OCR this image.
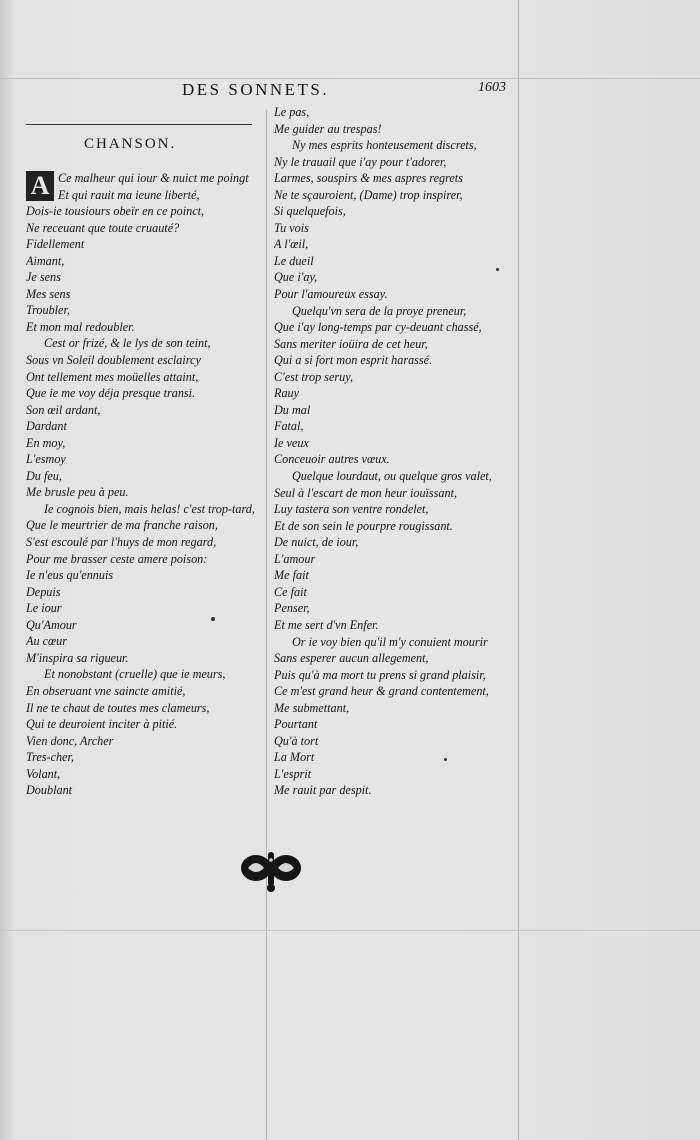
DES SONNETS.	1603
CHANSON.
Ce malheur qui iour & nuict me poingt
Et qui rauit ma ieune liberté,
Dois-ie tousiours obeïr en ce poinct,
Ne receuant que toute cruauté?
Fidellement
Aimant,
Je sens
Mes sens
Troubler,
Et mon mal redoubler.
Cest or frizé, & le lys de son teint,
Sous vn Soleil doublement esclaircy
Ont tellement mes moüelles attaint,
Que ie me voy déja presque transi.
Son œil ardant,
Dardant
En moy,
L'esmoy
Du feu,
Me brusle peu à peu.
Ie cognois bien, mais helas! c'est trop-tard,
Que le meurtrier de ma franche raison,
S'est escoulé par l'huys de mon regard,
Pour me brasser ceste amere poison:
Ie n'eus qu'ennuis
Depuis
Le iour
Qu'Amour
Au cœur
M'inspira sa rigueur.
Et nonobstant (cruelle) que ie meurs,
En obseruant vne saincte amitié,
Il ne te chaut de toutes mes clameurs,
Qui te deuroient inciter à pitié.
Vien donc, Archer
Tres-cher,
Volant,
Doublant
A
Le pas,
Me guider au trespas!
Ny mes esprits honteusement discrets,
Ny le trauail que i'ay pour t'adorer,
Larmes, souspirs & mes aspres regrets
Ne te sçauroient, (Dame) trop inspirer,
Si quelquefois,
Tu vois
A l'œil,
Le dueil
Que i'ay,
Pour l'amoureux essay.
Quelqu'vn sera de la proye preneur,
Que i'ay long-temps par cy-deuant chassé,
Sans meriter ioüira de cet heur,
Qui a si fort mon esprit harassé.
C'est trop seruy,
Rauy
Du mal
Fatal,
Ie veux
Conceuoir autres vœux.
Quelque lourdaut, ou quelque gros valet,
Seul à l'escart de mon heur iouïssant,
Luy tastera son ventre rondelet,
Et de son sein le pourpre rougissant.
De nuict, de iour,
L'amour
Me fait
Ce fait
Penser,
Et me sert d'vn Enfer.
Or ie voy bien qu'il m'y conuient mourir
Sans esperer aucun allegement,
Puis qu'à ma mort tu prens si grand plaisir,
Ce m'est grand heur & grand contentement,
Me submettant,
Pourtant
Qu'à tort
La Mort
L'esprit
Me rauit par despit.
